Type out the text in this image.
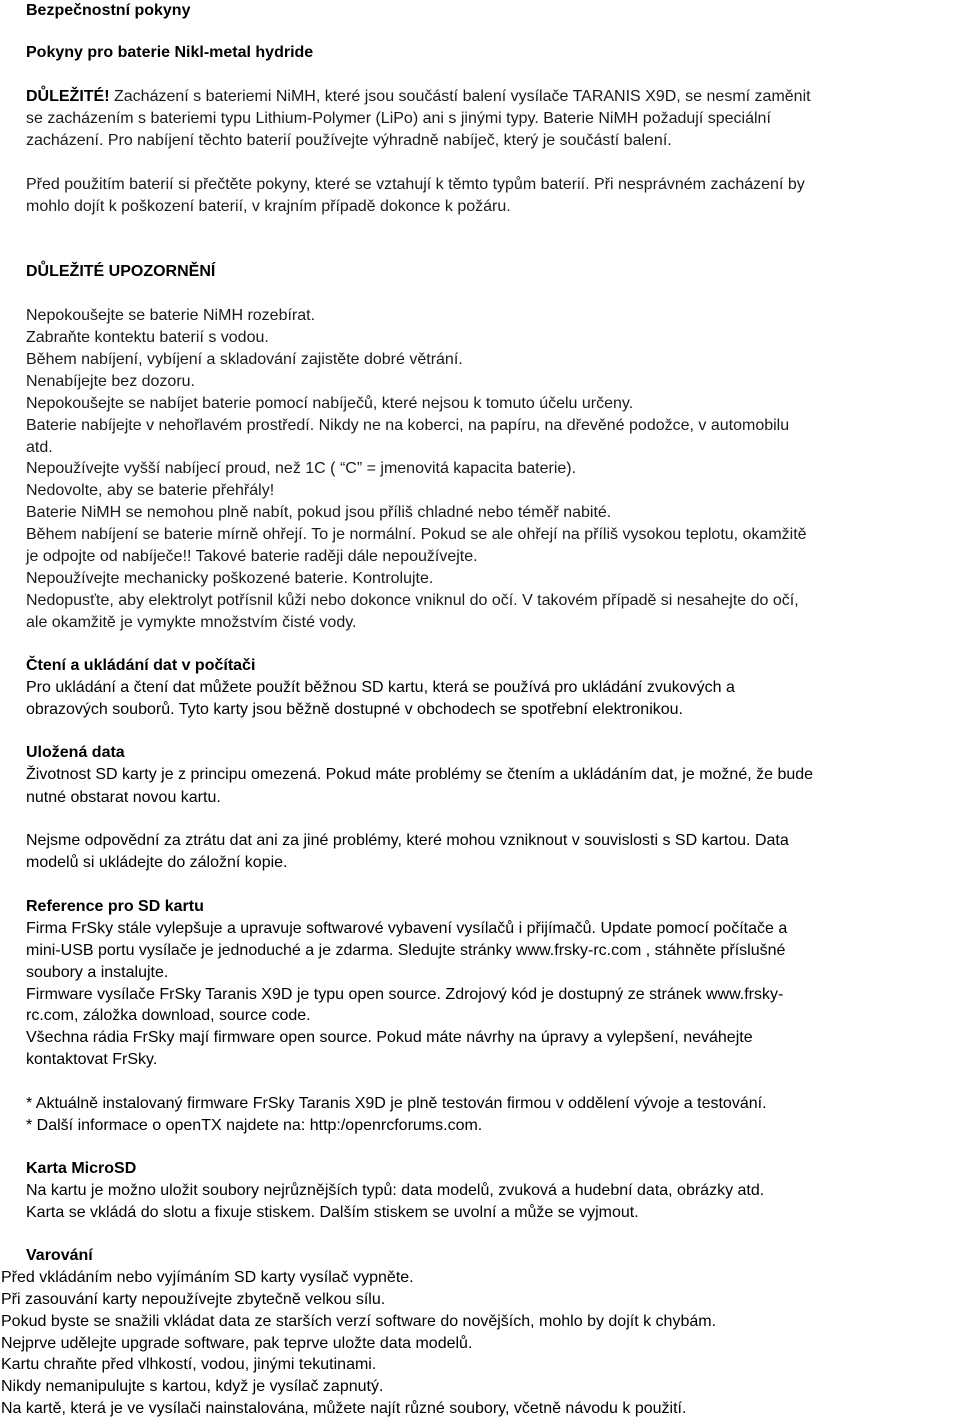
Bezpečnostní pokyny

Pokyny pro baterie Nikl-metal hydride

DŮLEŽITÉ! Zacházení s bateriemi NiMH, které jsou součástí balení vysílače TARANIS X9D, se nesmí zaměnit

se zacházením s bateriemi typu Lithium-Polymer (LiPo) ani s jinými typy. Baterie NiMH požadují speciální

zacházení. Pro nabíjení těchto baterií používejte výhradně nabíječ, který je součástí balení.

Před použitím baterií si přečtěte pokyny, které se vztahují k těmto typům baterií. Při nesprávném zacházení by

mohlo dojít k poškození baterií, v krajním případě dokonce k požáru.

DŮLEŽITÉ UPOZORNĚNÍ

Nepokoušejte se baterie NiMH rozebírat.

Zabraňte kontektu baterií s vodou.

Během nabíjení, vybíjení a skladování zajistěte dobré větrání.

Nenabíjejte bez dozoru.

Nepokoušejte se nabíjet baterie pomocí nabíječů, které nejsou k tomuto účelu určeny.

Baterie nabíjejte v nehořlavém prostředí. Nikdy ne na koberci, na papíru, na dřevěné podožce, v automobilu

atd.

Nepoužívejte vyšší nabíjecí proud, než 1C ( “C” = jmenovitá kapacita baterie).

Nedovolte, aby se baterie přehřály!

Baterie NiMH se nemohou plně nabít, pokud jsou příliš chladné nebo téměř nabité.

Během nabíjení se baterie mírně ohřejí. To je normální. Pokud se ale ohřejí na příliš vysokou teplotu, okamžitě

je odpojte od nabíječe!! Takové baterie raději dále nepoužívejte.

Nepoužívejte mechanicky poškozené baterie. Kontrolujte.

Nedopusťte, aby elektrolyt potřísnil kůži nebo dokonce vniknul do očí. V takovém případě si nesahejte do očí,

ale okamžitě je vymykte množstvím čisté vody.

Čtení a ukládání dat v počítači

Pro ukládání a čtení dat můžete použít běžnou SD kartu, která se používá pro ukládání zvukových a

obrazových souborů. Tyto karty jsou běžně dostupné v obchodech se spotřební elektronikou.

Uložená data

Životnost SD karty je z principu omezená. Pokud máte problémy se čtením a ukládáním dat, je možné, že bude

nutné obstarat novou kartu.

Nejsme odpovědní za ztrátu dat ani za jiné problémy, které mohou vzniknout v souvislosti s SD kartou. Data

modelů si ukládejte do záložní kopie.

Reference pro SD kartu

Firma FrSky stále vylepšuje a upravuje softwarové vybavení vysílačů i přijímačů. Update pomocí počítače a

mini-USB portu vysílače je jednoduché a je zdarma. Sledujte stránky www.frsky-rc.com , stáhněte příslušné

soubory a instalujte.

Firmware vysílače FrSky Taranis X9D je typu open source. Zdrojový kód je dostupný ze stránek www.frsky-

rc.com, záložka download, source code.

Všechna rádia FrSky mají firmware open source. Pokud máte návrhy na úpravy a vylepšení, neváhejte

kontaktovat FrSky.

* Aktuálně instalovaný firmware FrSky Taranis X9D je plně testován firmou v oddělení vývoje a testování.

* Další informace o openTX najdete na: http:/openrcforums.com.

Karta MicroSD

Na kartu je možno uložit soubory nejrůznějších typů: data modelů, zvuková a hudební data, obrázky atd.

Karta se vkládá do slotu a fixuje stiskem. Dalším stiskem se uvolní a může se vyjmout.

Varování

Před vkládáním nebo vyjímáním SD karty vysílač vypněte.

Při zasouvání karty nepoužívejte zbytečně velkou sílu.

Pokud byste se snažili vkládat data ze starších verzí software do novějších, mohlo by dojít k chybám.

Nejprve udělejte upgrade software, pak teprve uložte data modelů.

Kartu chraňte před vlhkostí, vodou, jinými tekutinami.

Nikdy nemanipulujte s kartou, když je vysílač zapnutý.

Na kartě, která je ve vysílači nainstalována, můžete najít různé soubory, včetně návodu k použití.
